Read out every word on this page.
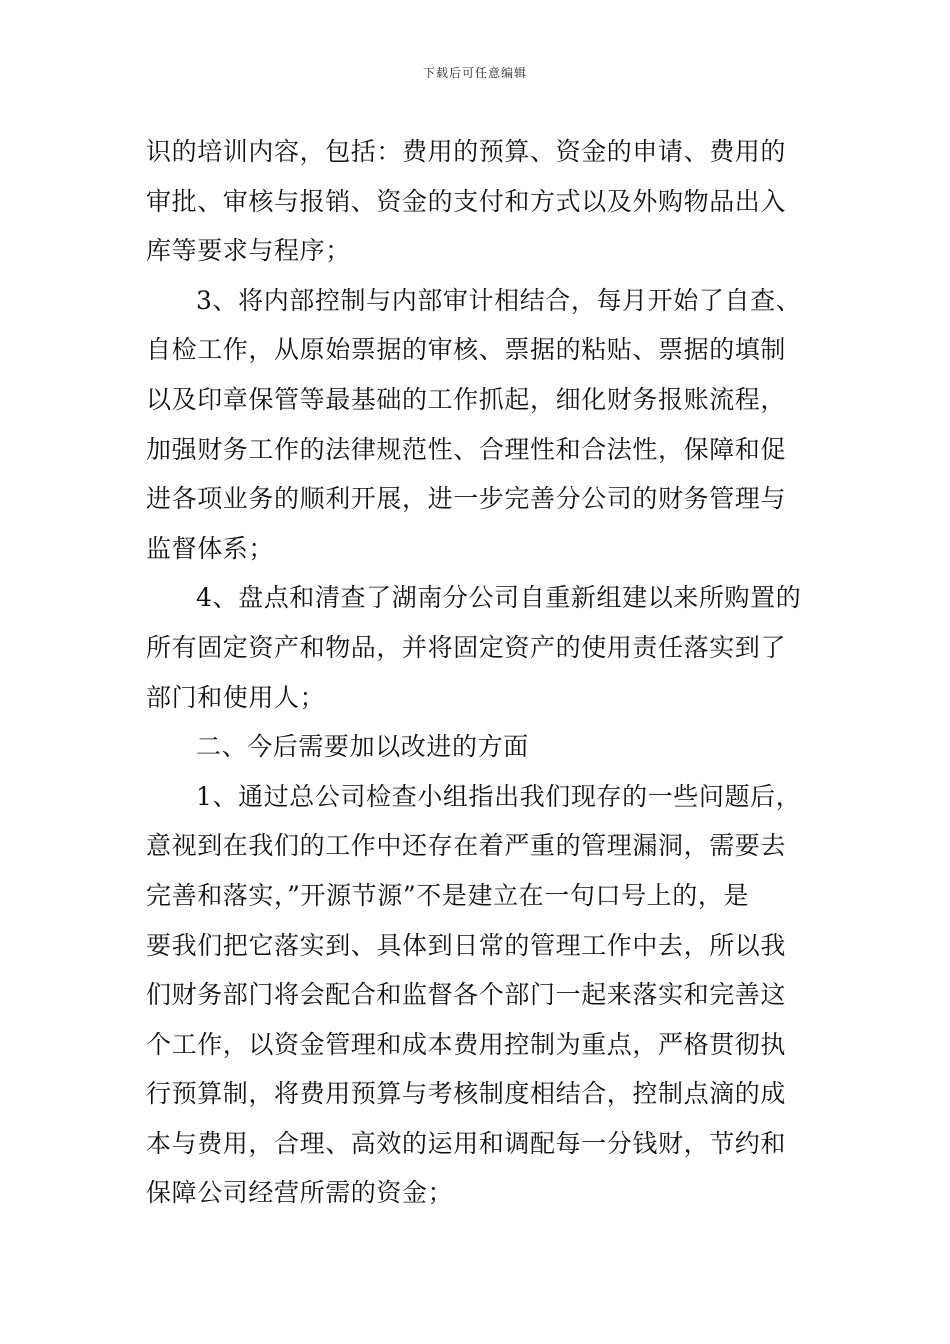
下载后可任意编辑
识的培训内容，包括：费用的预算、资金的申请、费用的
审批、审核与报销、资金的支付和方式以及外购物品出入
库等要求与程序；
3、将内部控制与内部审计相结合，每月开始了自查、
自检工作，从原始票据的审核、票据的粘贴、票据的填制
以及印章保管等最基础的工作抓起，细化财务报账流程，
加强财务工作的法律规范性、合理性和合法性，保障和促
进各项业务的顺利开展，进一步完善分公司的财务管理与
监督体系；
4、盘点和清查了湖南分公司自重新组建以来所购置的
所有固定资产和物品，并将固定资产的使用责任落实到了
部门和使用人；
二、今后需要加以改进的方面
1、通过总公司检查小组指出我们现存的一些问题后，
意视到在我们的工作中还存在着严重的管理漏洞，需要去
完善和落实，”开源节源”不是建立在一句口号上的，是
要我们把它落实到、具体到日常的管理工作中去，所以我
们财务部门将会配合和监督各个部门一起来落实和完善这
个工作，以资金管理和成本费用控制为重点，严格贯彻执
行预算制，将费用预算与考核制度相结合，控制点滴的成
本与费用，合理、高效的运用和调配每一分钱财，节约和
保障公司经营所需的资金；
